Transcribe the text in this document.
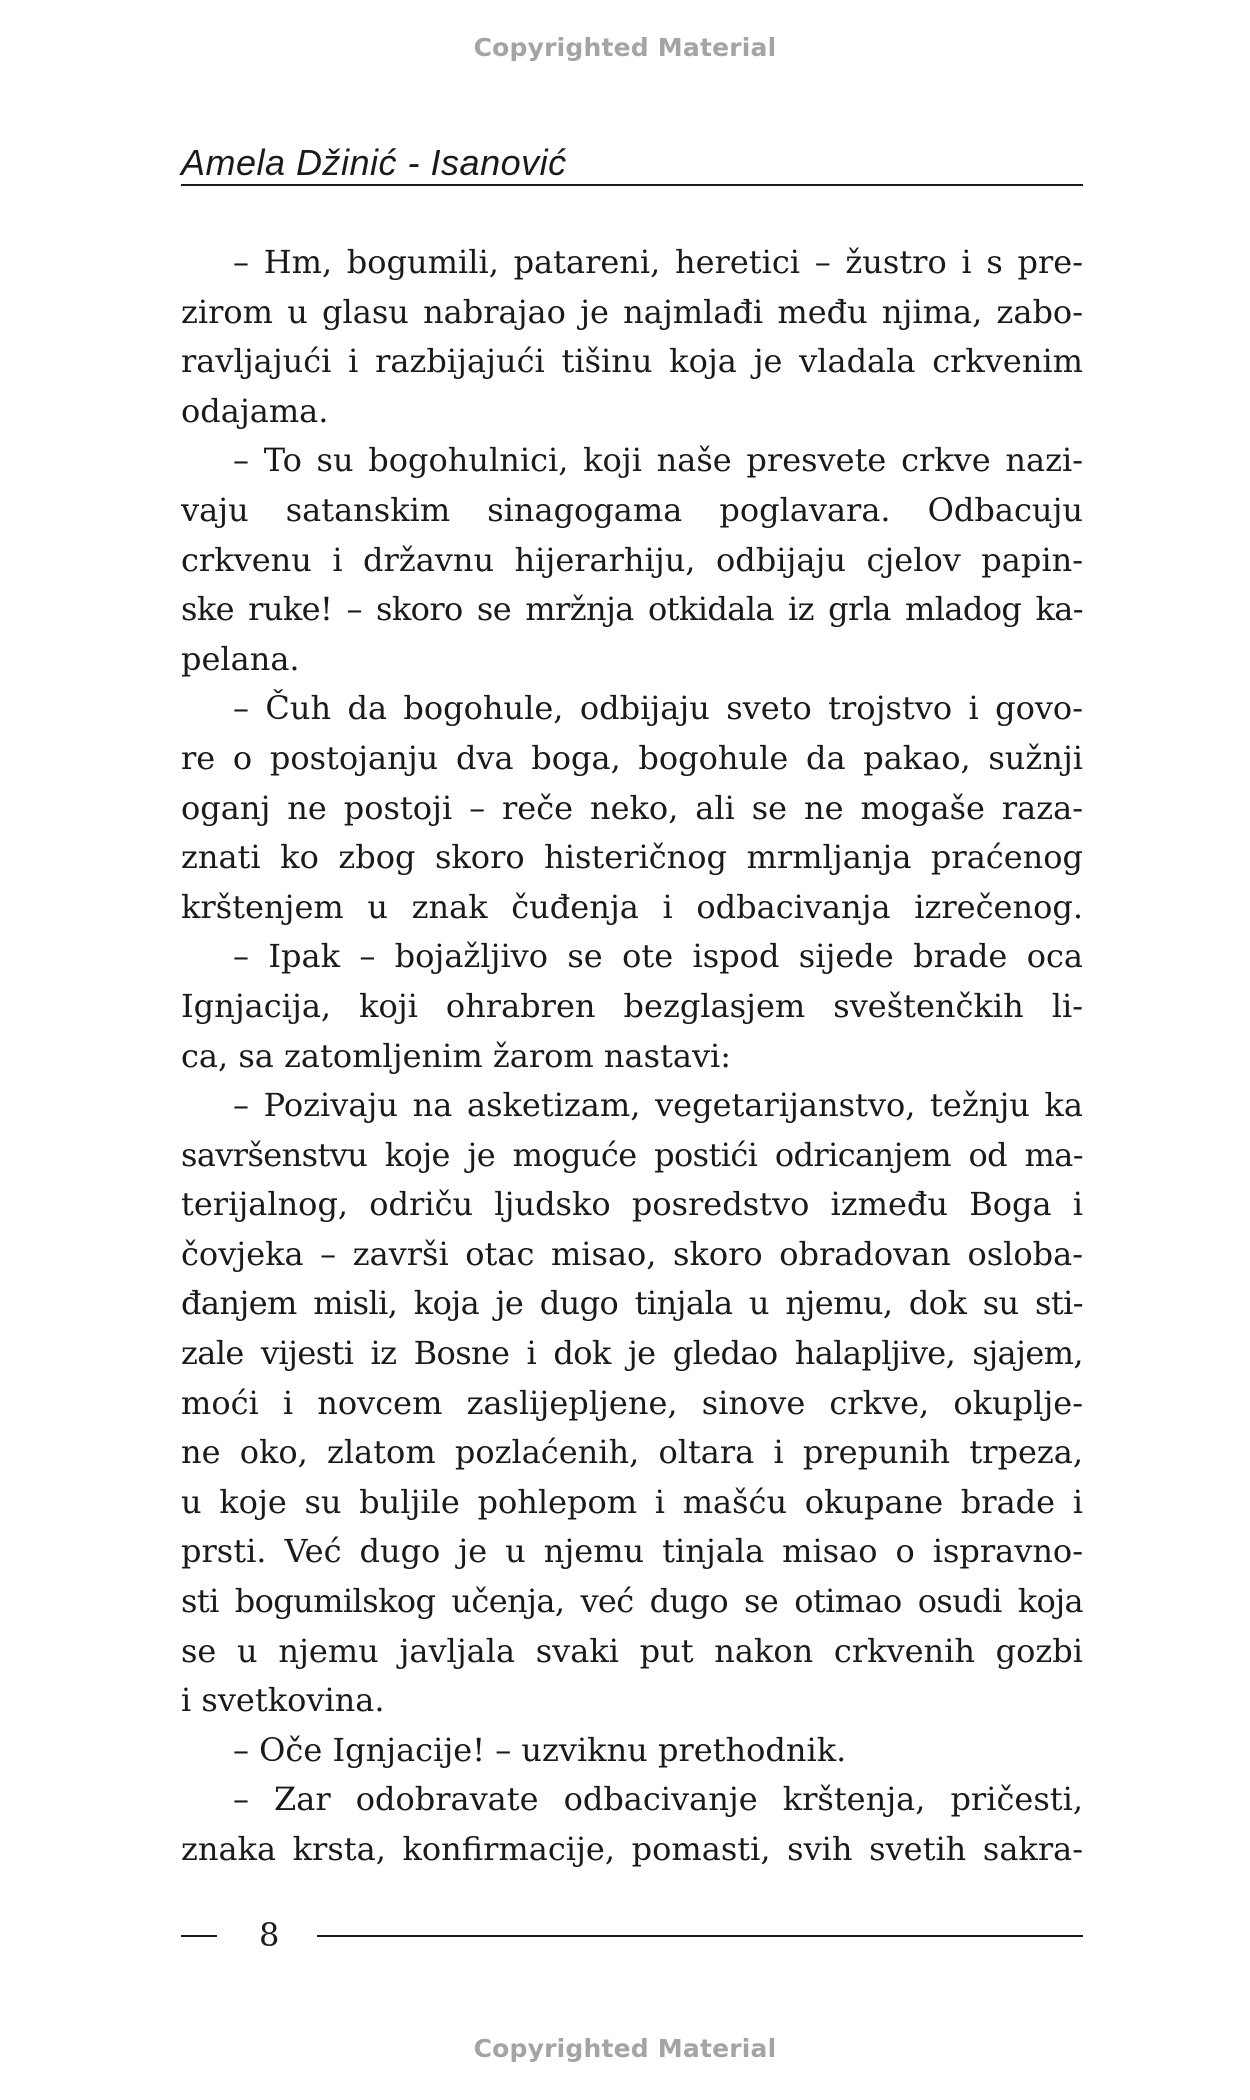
Copyrighted Material
Amela Džinić - Isanović
– Hm, bogumili, patareni, heretici – žustro i s pre-
zirom u glasu nabrajao je najmlađi među njima, zabo-
ravljajući i razbijajući tišinu koja je vladala crkvenim
odajama.
– To su bogohulnici, koji naše presvete crkve nazi-
vaju satanskim sinagogama poglavara. Odbacuju
crkvenu i državnu hijerarhiju, odbijaju cjelov papin-
ske ruke! – skoro se mržnja otkidala iz grla mladog ka-
pelana.
– Čuh da bogohule, odbijaju sveto trojstvo i govo-
re o postojanju dva boga, bogohule da pakao, sužnji
oganj ne postoji – reče neko, ali se ne mogaše raza-
znati ko zbog skoro histeričnog mrmljanja praćenog
krštenjem u znak čuđenja i odbacivanja izrečenog.
– Ipak – bojažljivo se ote ispod sijede brade oca
Ignjacija, koji ohrabren bezglasjem sveštenčkih li-
ca, sa zatomljenim žarom nastavi:
– Pozivaju na asketizam, vegetarijanstvo, težnju ka
savršenstvu koje je moguće postići odricanjem od ma-
terijalnog, odriču ljudsko posredstvo između Boga i
čovjeka – završi otac misao, skoro obradovan osloba-
đanjem misli, koja je dugo tinjala u njemu, dok su sti-
zale vijesti iz Bosne i dok je gledao halapljive, sjajem,
moći i novcem zaslijepljene, sinove crkve, okuplje-
ne oko, zlatom pozlaćenih, oltara i prepunih trpeza,
u koje su buljile pohlepom i mašću okupane brade i
prsti. Već dugo je u njemu tinjala misao o ispravno-
sti bogumilskog učenja, već dugo se otimao osudi koja
se u njemu javljala svaki put nakon crkvenih gozbi
i svetkovina.
– Oče Ignjacije! – uzviknu prethodnik.
– Zar odobravate odbacivanje krštenja, pričesti,
znaka krsta, konfirmacije, pomasti, svih svetih sakra-
8
Copyrighted Material
